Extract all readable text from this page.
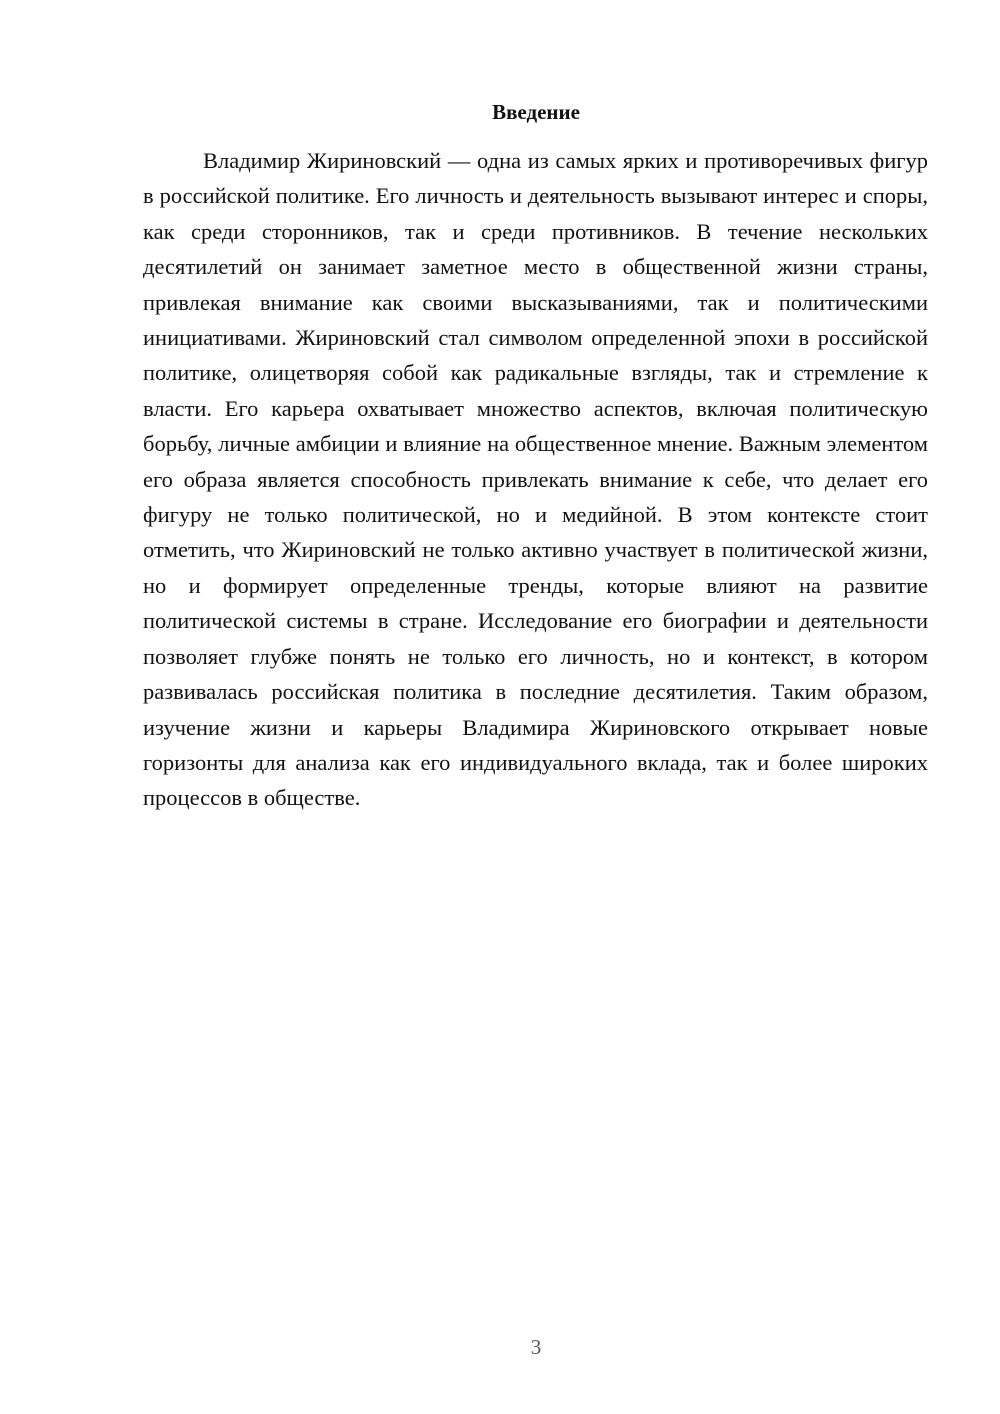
Введение

Владимир Жириновский — одна из самых ярких и противоречивых фигур в российской политике. Его личность и деятельность вызывают интерес и споры, как среди сторонников, так и среди противников. В течение нескольких десятилетий он занимает заметное место в общественной жизни страны, привлекая внимание как своими высказываниями, так и политическими инициативами. Жириновский стал символом определенной эпохи в российской политике, олицетворяя собой как радикальные взгляды, так и стремление к власти. Его карьера охватывает множество аспектов, включая политическую борьбу, личные амбиции и влияние на общественное мнение. Важным элементом его образа является способность привлекать внимание к себе, что делает его фигуру не только политической, но и медийной. В этом контексте стоит отметить, что Жириновский не только активно участвует в политической жизни, но и формирует определенные тренды, которые влияют на развитие политической системы в стране. Исследование его биографии и деятельности позволяет глубже понять не только его личность, но и контекст, в котором развивалась российская политика в последние десятилетия. Таким образом, изучение жизни и карьеры Владимира Жириновского открывает новые горизонты для анализа как его индивидуального вклада, так и более широких процессов в обществе.

3
